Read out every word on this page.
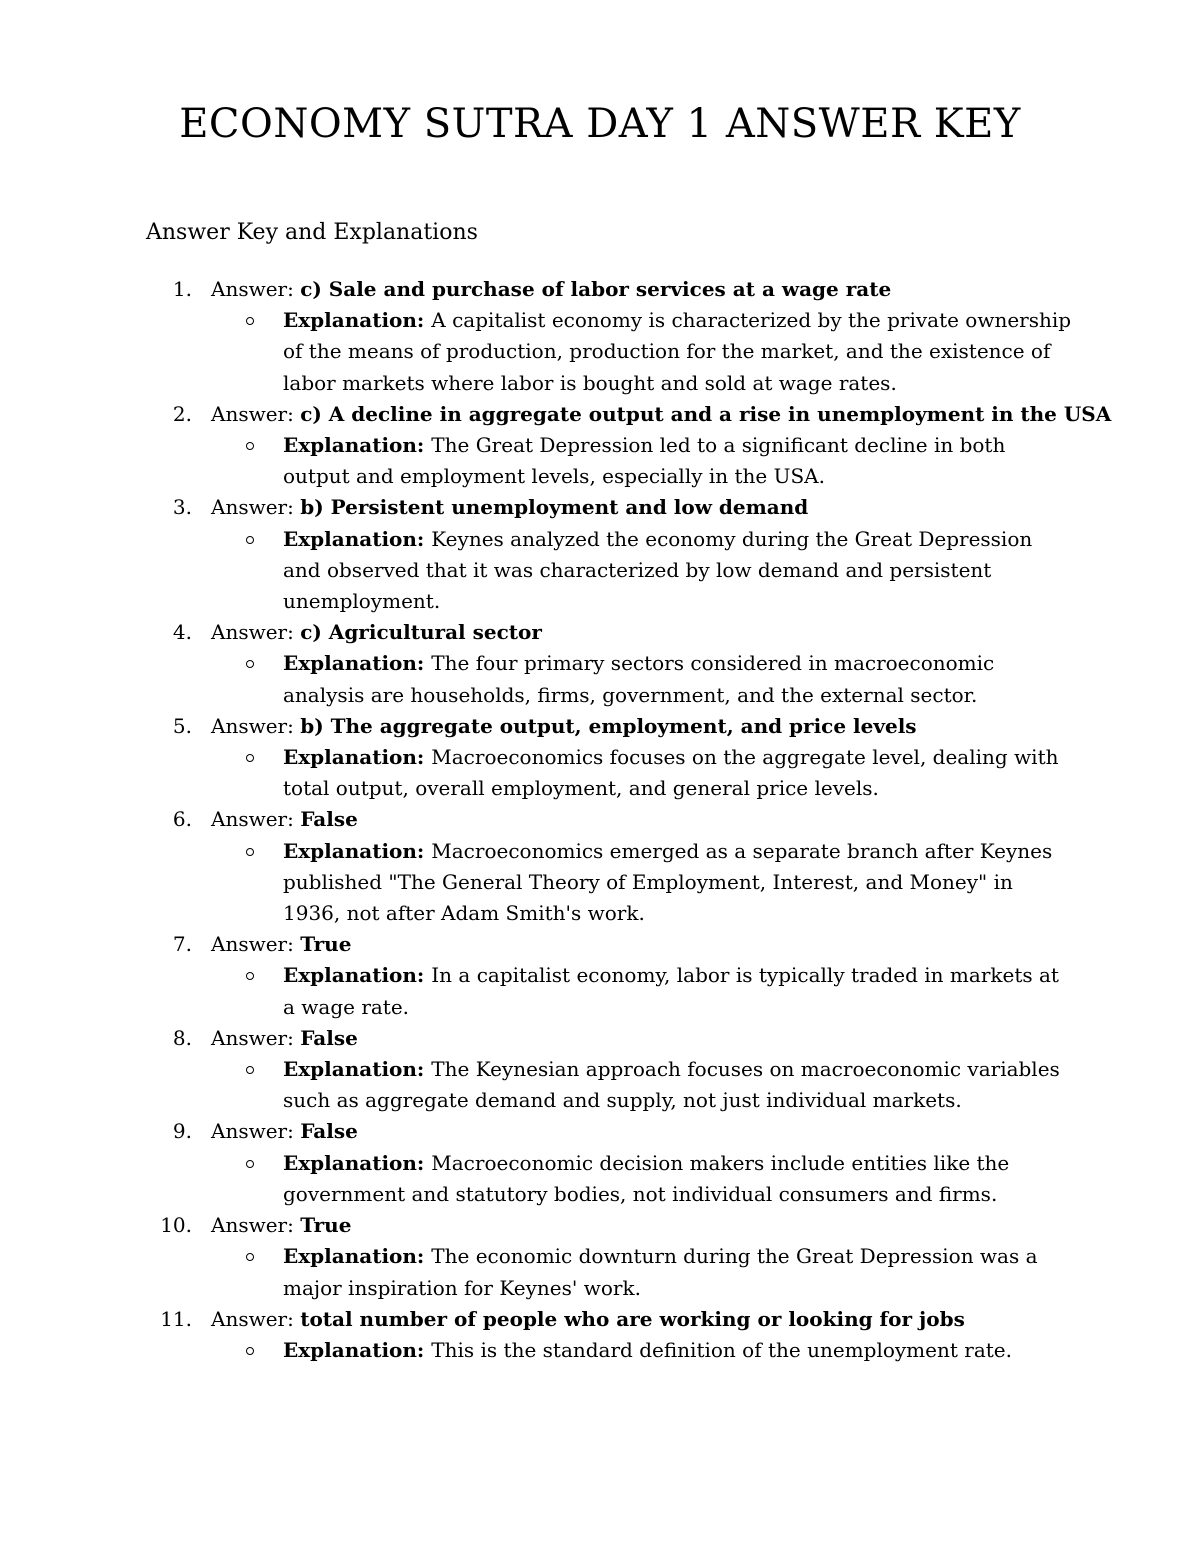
ECONOMY SUTRA DAY 1 ANSWER KEY
Answer Key and Explanations
1. Answer: c) Sale and purchase of labor services at a wage rate
Explanation: A capitalist economy is characterized by the private ownership of the means of production, production for the market, and the existence of labor markets where labor is bought and sold at wage rates.
2. Answer: c) A decline in aggregate output and a rise in unemployment in the USA
Explanation: The Great Depression led to a significant decline in both output and employment levels, especially in the USA.
3. Answer: b) Persistent unemployment and low demand
Explanation: Keynes analyzed the economy during the Great Depression and observed that it was characterized by low demand and persistent unemployment.
4. Answer: c) Agricultural sector
Explanation: The four primary sectors considered in macroeconomic analysis are households, firms, government, and the external sector.
5. Answer: b) The aggregate output, employment, and price levels
Explanation: Macroeconomics focuses on the aggregate level, dealing with total output, overall employment, and general price levels.
6. Answer: False
Explanation: Macroeconomics emerged as a separate branch after Keynes published "The General Theory of Employment, Interest, and Money" in 1936, not after Adam Smith's work.
7. Answer: True
Explanation: In a capitalist economy, labor is typically traded in markets at a wage rate.
8. Answer: False
Explanation: The Keynesian approach focuses on macroeconomic variables such as aggregate demand and supply, not just individual markets.
9. Answer: False
Explanation: Macroeconomic decision makers include entities like the government and statutory bodies, not individual consumers and firms.
10. Answer: True
Explanation: The economic downturn during the Great Depression was a major inspiration for Keynes' work.
11. Answer: total number of people who are working or looking for jobs
Explanation: This is the standard definition of the unemployment rate.
